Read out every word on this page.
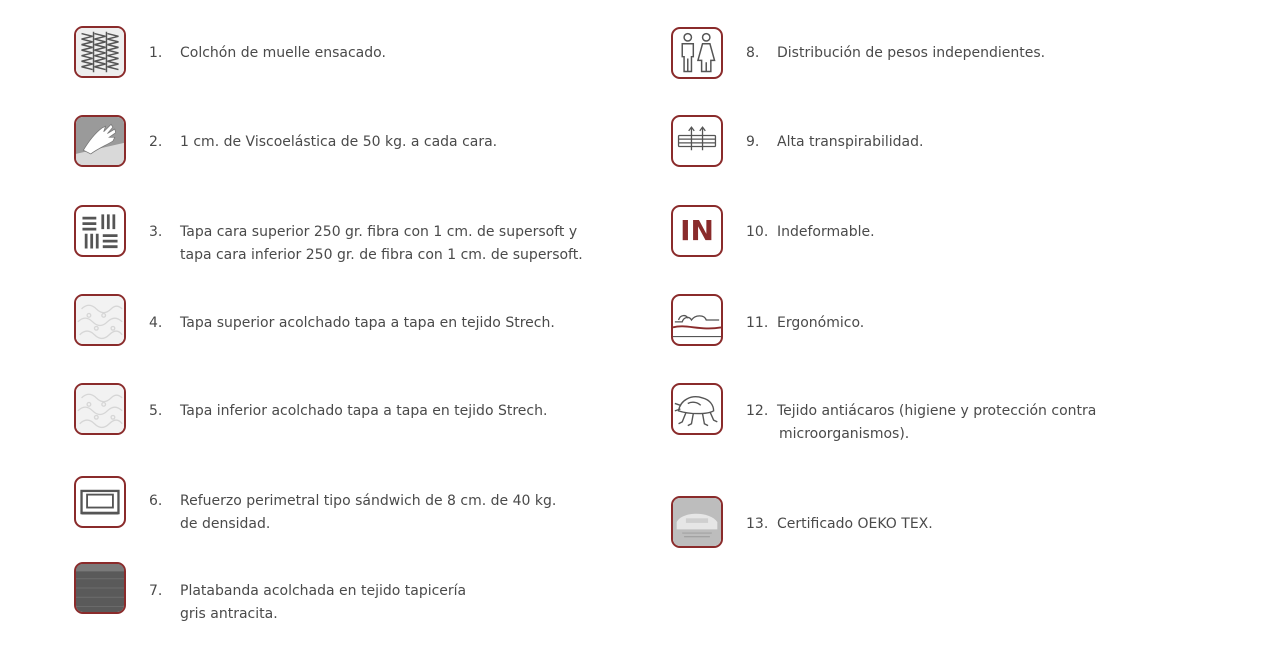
1. Colchón de muelle ensacado.
2. 1 cm. de Viscoelástica de 50 kg. a cada cara.
3. Tapa cara superior 250 gr. fibra con 1 cm. de supersoft y
tapa cara inferior 250 gr. de fibra con 1 cm. de supersoft.
4. Tapa superior acolchado tapa a tapa en tejido Strech.
5. Tapa inferior acolchado tapa a tapa en tejido Strech.
6. Refuerzo perimetral tipo sándwich de 8 cm. de 40 kg.
de densidad.
7. Platabanda acolchada en tejido tapicería
gris antracita.
8. Distribución de pesos independientes.
9. Alta transpirabilidad.
IN	10. Indeformable.
11. Ergonómico.
12. Tejido antiácaros (higiene y protección contra
microorganismos).
13. Certificado OEKO TEX.
